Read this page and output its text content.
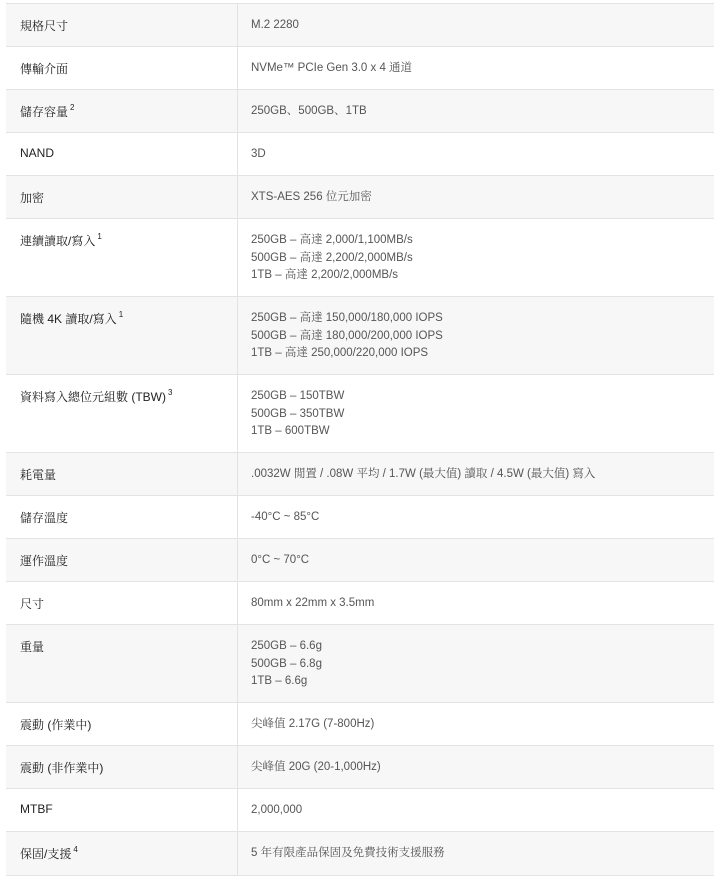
規格尺寸	M.2 2280
傳輸介面	NVMe™ PCIe Gen 3.0 x 4 通道
儲存容量 $^2$	250GB、500GB、1TB
NAND	3D
加密	XTS-AES 256 位元加密
連續讀取/寫入 $^1$	250GB – 高達 2,000/1,100MB/s
500GB – 高達 2,200/2,000MB/s
1TB – 高達 2,200/2,000MB/s
隨機 4K 讀取/寫入 $^1$	250GB – 高達 150,000/180,000 IOPS
500GB – 高達 180,000/200,000 IOPS
1TB – 高達 250,000/220,000 IOPS
資料寫入總位元組數 (TBW) $^3$	250GB – 150TBW
500GB – 350TBW
1TB – 600TBW
耗電量	.0032W 閒置 / .08W 平均 / 1.7W (最大值) 讀取 / 4.5W (最大值) 寫入
儲存溫度	-40°C ~ 85°C
運作溫度	0°C ~ 70°C
尺寸	80mm x 22mm x 3.5mm
重量	250GB – 6.6g
500GB – 6.8g
1TB – 6.6g
震動 (作業中)	尖峰值 2.17G (7-800Hz)
震動 (非作業中)	尖峰值 20G (20-1,000Hz)
MTBF	2,000,000
保固/支援 $^4$	5 年有限產品保固及免費技術支援服務
